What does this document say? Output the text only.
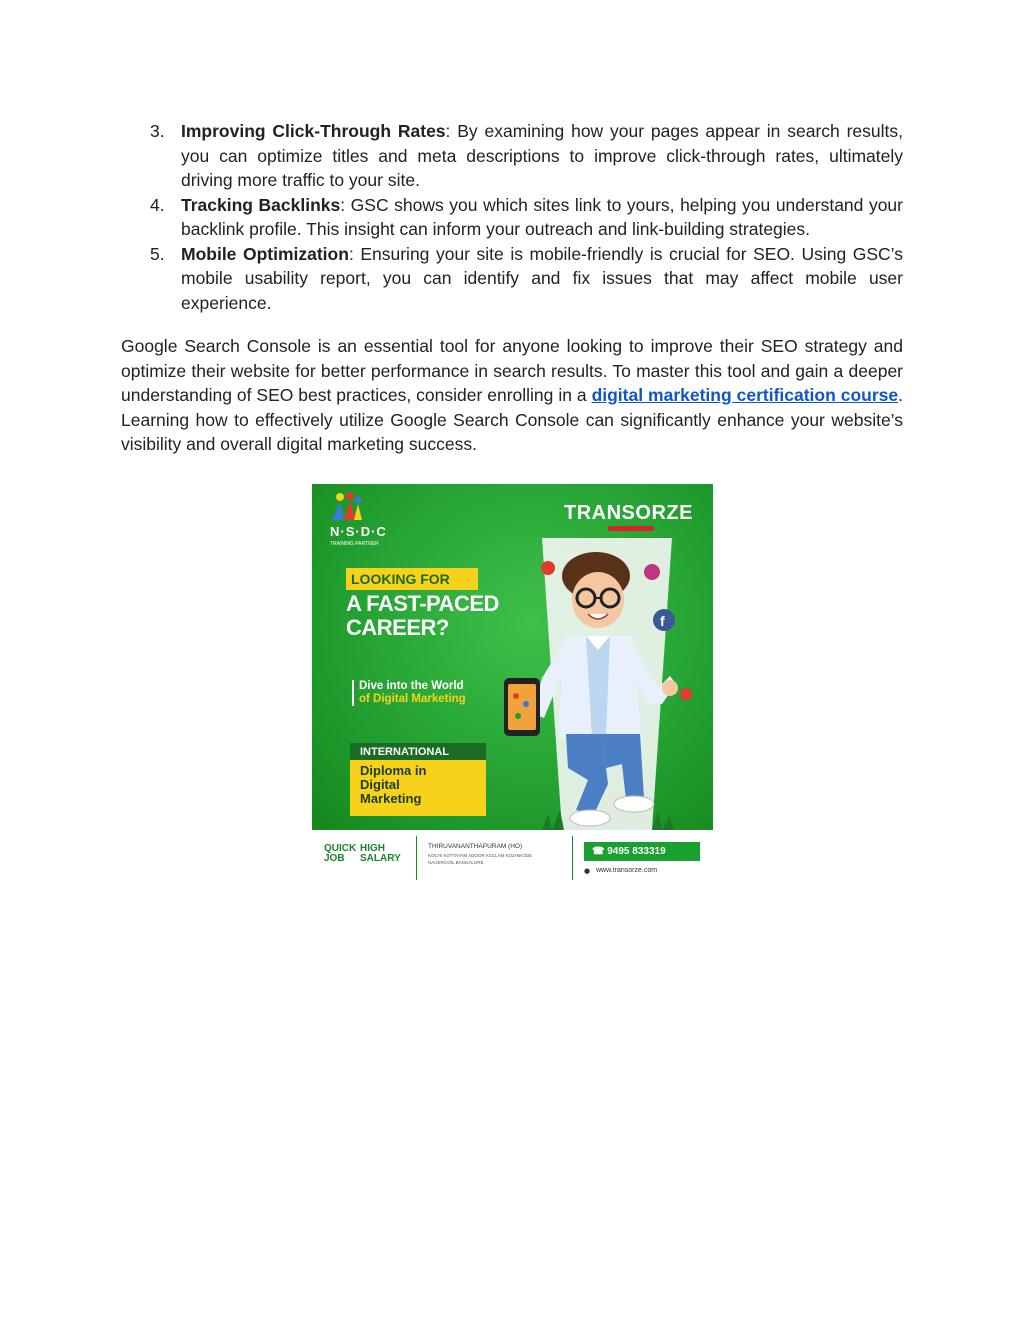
3. Improving Click-Through Rates: By examining how your pages appear in search results, you can optimize titles and meta descriptions to improve click-through rates, ultimately driving more traffic to your site.
4. Tracking Backlinks: GSC shows you which sites link to yours, helping you understand your backlink profile. This insight can inform your outreach and link-building strategies.
5. Mobile Optimization: Ensuring your site is mobile-friendly is crucial for SEO. Using GSC’s mobile usability report, you can identify and fix issues that may affect mobile user experience.

Google Search Console is an essential tool for anyone looking to improve their SEO strategy and optimize their website for better performance in search results. To master this tool and gain a deeper understanding of SEO best practices, consider enrolling in a digital marketing certification course. Learning how to effectively utilize Google Search Console can significantly enhance your website’s visibility and overall digital marketing success.

N·S·D·C
TRAINING PARTNER
TRANSORZE
LOOKING FOR
A FAST-PACED
CAREER?
Dive into the World
of Digital Marketing
INTERNATIONAL
Diploma in
Digital
Marketing
f
QUICK
JOB
HIGH
SALARY
THIRUVANANTHAPURAM (HO)
KOCHI KOTTAYAM ADOOR KOLLAM KOZHIKODE NAGERCOIL BANGALORE
☎ 9495 833319
● www.transorze.com
